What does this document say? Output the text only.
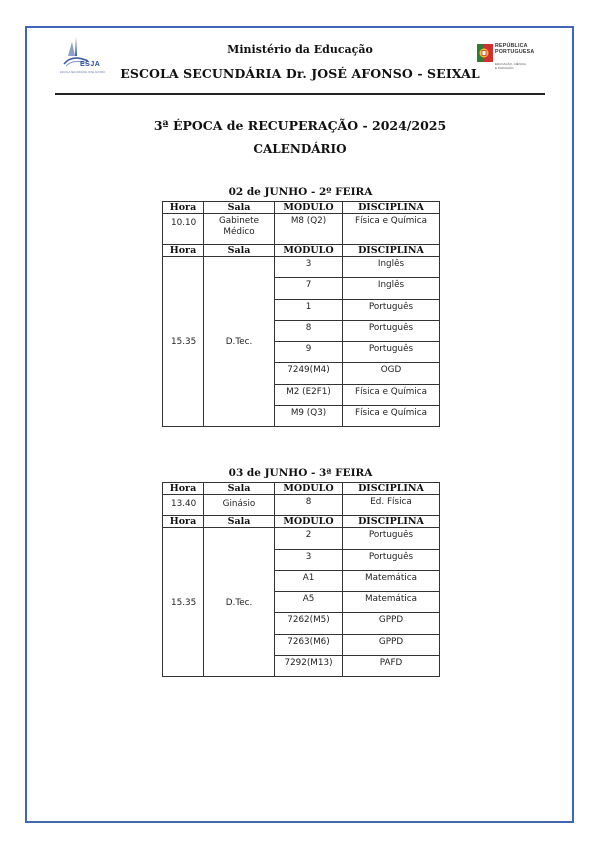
ESJA
ESCOLA SECUNDÁRIA JOSÉ AFONSO
REPÚBLICA
PORTUGUESA
EDUCAÇÃO, CIÊNCIA
E INOVAÇÃO
Ministério da Educação
ESCOLA SECUNDÁRIA Dr. JOSÉ AFONSO - SEIXAL
3ª ÉPOCA de RECUPERAÇÃO - 2024/2025
CALENDÁRIO
02 de JUNHO - 2º FEIRA
Hora	Sala	MÓDULO	DISCIPLINA
10.10	Gabinete Médico	M8 (Q2)	Física e Química
Hora	Sala	MÓDULO	DISCIPLINA
15.35	D.Tec.	3	Inglês
		7	Inglês
		1	Português
		8	Português
		9	Português
		7249(M4)	OGD
		M2 (E2F1)	Física e Química
		M9 (Q3)	Física e Química
03 de JUNHO - 3ª FEIRA
Hora	Sala	MÓDULO	DISCIPLINA
13.40	Ginásio	8	Ed. Física
Hora	Sala	MÓDULO	DISCIPLINA
15.35	D.Tec.	2	Português
		3	Português
		A1	Matemática
		A5	Matemática
		7262(M5)	GPPD
		7263(M6)	GPPD
		7292(M13)	PAFD
